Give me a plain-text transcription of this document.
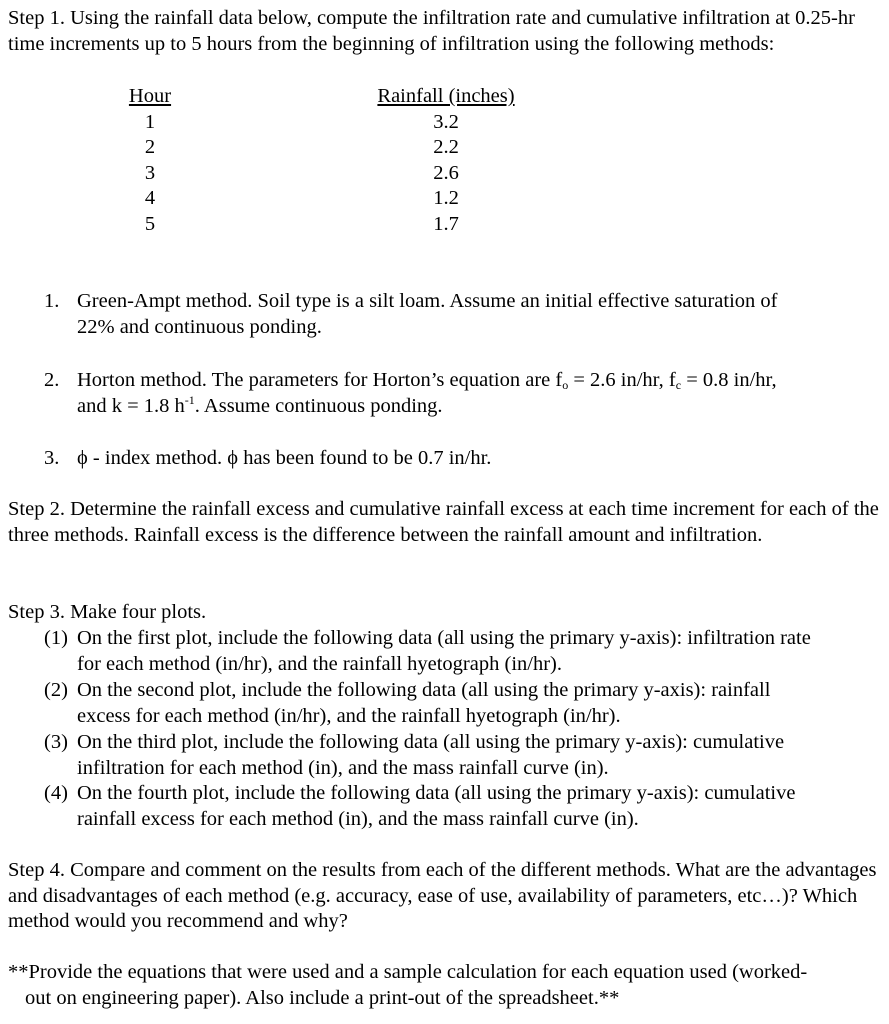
Step 1. Using the rainfall data below, compute the infiltration rate and cumulative infiltration at 0.25-hr time increments up to 5 hours from the beginning of infiltration using the following methods:
Hour
1
2
3
4
5
Rainfall (inches)
3.2
2.2
2.6
1.2
1.7
1. Green-Ampt method. Soil type is a silt loam. Assume an initial effective saturation of
22% and continuous ponding.
2. Horton method. The parameters for Horton’s equation are $f_o = 2.6$ in/hr, $f_c = 0.8$ in/hr,
and k = 1.8 $h^{-1}$. Assume continuous ponding.
3. ϕ - index method. ϕ has been found to be 0.7 in/hr.
Step 2. Determine the rainfall excess and cumulative rainfall excess at each time increment for each of the three methods. Rainfall excess is the difference between the rainfall amount and infiltration.
Step 3. Make four plots.
(1) On the first plot, include the following data (all using the primary y-axis): infiltration rate
for each method (in/hr), and the rainfall hyetograph (in/hr).
(2) On the second plot, include the following data (all using the primary y-axis): rainfall
excess for each method (in/hr), and the rainfall hyetograph (in/hr).
(3) On the third plot, include the following data (all using the primary y-axis): cumulative
infiltration for each method (in), and the mass rainfall curve (in).
(4) On the fourth plot, include the following data (all using the primary y-axis): cumulative
rainfall excess for each method (in), and the mass rainfall curve (in).
Step 4. Compare and comment on the results from each of the different methods. What are the advantages and disadvantages of each method (e.g. accuracy, ease of use, availability of parameters, etc…)? Which method would you recommend and why?
**Provide the equations that were used and a sample calculation for each equation used (worked-
out on engineering paper). Also include a print-out of the spreadsheet.**
